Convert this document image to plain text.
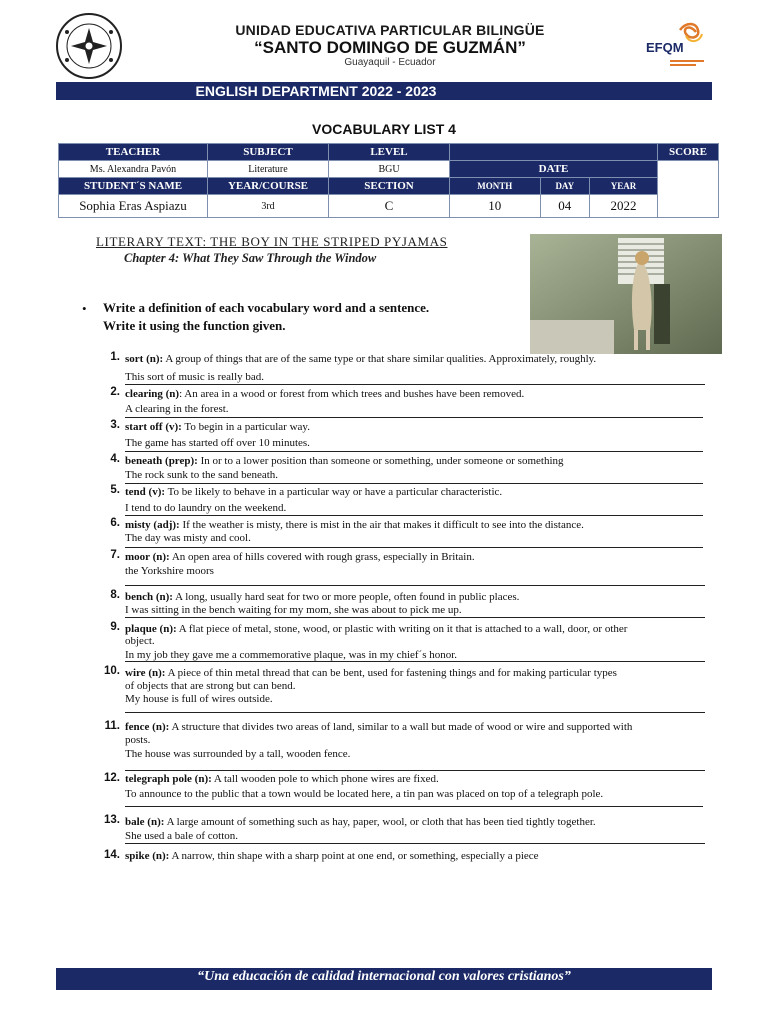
UNIDAD EDUCATIVA PARTICULAR BILINGÜE
“SANTO DOMINGO DE GUZMÁN”
Guayaquil - Ecuador
EFQM
ENGLISH DEPARTMENT 2022 - 2023
VOCABULARY LIST 4
TEACHER	SUBJECT	LEVEL				SCORE
Ms. Alexandra Pavón	Literature	BGU	DATE			
STUDENT´S NAME	YEAR/COURSE	SECTION	MONTH	DAY	YEAR	
Sophia Eras Aspiazu	3rd	C	10	04	2022	
LITERARY TEXT: THE BOY IN THE STRIPED PYJAMAS
Chapter 4: What They Saw Through the Window
• Write a definition of each vocabulary word and a sentence.
Write it using the function given.
1. sort (n): A group of things that are of the same type or that share similar qualities. Approximately, roughly.
This sort of music is really bad.
2. clearing (n): An area in a wood or forest from which trees and bushes have been removed.
A clearing in the forest.
3. start off (v): To begin in a particular way.
The game has started off over 10 minutes.
4. beneath (prep): In or to a lower position than someone or something, under someone or something
The rock sunk to the sand beneath.
5. tend (v): To be likely to behave in a particular way or have a particular characteristic.
I tend to do laundry on the weekend.
6. misty (adj): If the weather is misty, there is mist in the air that makes it difficult to see into the distance.
The day was misty and cool.
7. moor (n): An open area of hills covered with rough grass, especially in Britain.
the Yorkshire moors
8. bench (n): A long, usually hard seat for two or more people, often found in public places.
I was sitting in the bench waiting for my mom, she was about to pick me up.
9. plaque (n): A flat piece of metal, stone, wood, or plastic with writing on it that is attached to a wall, door, or other
object.
In my job they gave me a commemorative plaque, was in my chief´s honor.
10. wire (n): A piece of thin metal thread that can be bent, used for fastening things and for making particular types
of objects that are strong but can bend.
My house is full of wires outside.
11. fence (n): A structure that divides two areas of land, similar to a wall but made of wood or wire and supported with
posts.
The house was surrounded by a tall, wooden fence.
12. telegraph pole (n): A tall wooden pole to which phone wires are fixed.
To announce to the public that a town would be located here, a tin pan was placed on top of a telegraph pole.
13. bale (n): A large amount of something such as hay, paper, wool, or cloth that has been tied tightly together.
She used a bale of cotton.
14. spike (n): A narrow, thin shape with a sharp point at one end, or something, especially a piece
“Una educación de calidad internacional con valores cristianos”
